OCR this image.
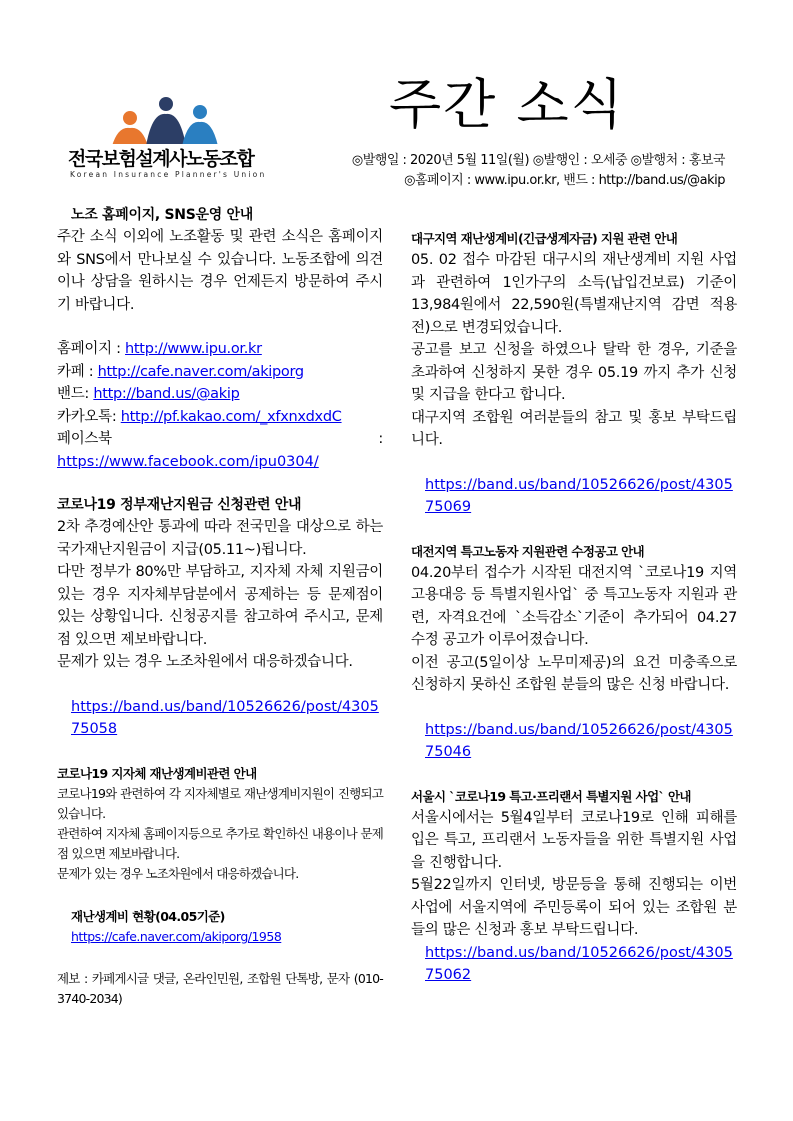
전국보험설계사노동조합
Korean Insurance Planner's Union
주간 소식
◎발행일 : 2020년 5월 11일(월) ◎발행인 : 오세중 ◎발행처 : 홍보국
◎홈페이지 : www.ipu.or.kr, 밴드 : http://band.us/@akip
노조 홈페이지, SNS운영 안내

주간 소식 이외에 노조활동 및 관련 소식은 홈페이지와 SNS에서 만나보실 수 있습니다. 노동조합에 의견이나 상담을 원하시는 경우 언제든지 방문하여 주시기 바랍니다.

홈페이지 : http://www.ipu.or.kr
카페 : http://cafe.naver.com/akiporg
밴드: http://band.us/@akip
카카오톡: http://pf.kakao.com/_xfxnxdxdC
페이스북	:
https://www.facebook.com/ipu0304/
코로나19 정부재난지원금 신청관련 안내

2차 추경예산안 통과에 따라 전국민을 대상으로 하는 국가재난지원금이 지급(05.11~)됩니다.

다만 정부가 80%만 부담하고, 지자체 자체 지원금이 있는 경우 지자체부담분에서 공제하는 등 문제점이 있는 상황입니다. 신청공지를 참고하여 주시고, 문제점 있으면 제보바랍니다.

문제가 있는 경우 노조차원에서 대응하겠습니다.

https://band.us/band/10526626/post/430575058
코로나19 지자체 재난생계비관련 안내

코로나19와 관련하여 각 지자체별로 재난생계비지원이 진행되고 있습니다.

관련하여 지자체 홈페이지등으로 추가로 확인하신 내용이나 문제점 있으면 제보바랍니다.

문제가 있는 경우 노조차원에서 대응하겠습니다.

재난생계비 현황(04.05기준)
https://cafe.naver.com/akiporg/1958

제보 : 카페게시글 댓글, 온라인민원, 조합원 단톡방, 문자 (010-3740-2034)

대구지역 재난생계비(긴급생계자금) 지원 관련 안내

05. 02 접수 마감된 대구시의 재난생계비 지원 사업과 관련하여 1인가구의 소득(납입건보료) 기준이 13,984원에서 22,590원(특별재난지역 감면 적용전)으로 변경되었습니다.

공고를 보고 신청을 하였으나 탈락 한 경우, 기준을 초과하여 신청하지 못한 경우 05.19 까지 추가 신청 및 지급을 한다고 합니다.

대구지역 조합원 여러분들의 참고 및 홍보 부탁드립니다.

https://band.us/band/10526626/post/430575069
대전지역 특고노동자 지원관련 수정공고 안내

04.20부터 접수가 시작된 대전지역 `코로나19 지역고용대응 등 특별지원사업` 중 특고노동자 지원과 관련, 자격요건에 `소득감소`기준이 추가되어 04.27 수정 공고가 이루어졌습니다.

이전 공고(5일이상 노무미제공)의 요건 미충족으로 신청하지 못하신 조합원 분들의 많은 신청 바랍니다.

https://band.us/band/10526626/post/430575046
서울시 `코로나19 특고·프리랜서 특별지원 사업` 안내

서울시에서는 5월4일부터 코로나19로 인해 피해를 입은 특고, 프리랜서 노동자들을 위한 특별지원 사업을 진행합니다.

5월22일까지 인터넷, 방문등을 통해 진행되는 이번 사업에 서울지역에 주민등록이 되어 있는 조합원 분들의 많은 신청과 홍보 부탁드립니다.

https://band.us/band/10526626/post/430575062
